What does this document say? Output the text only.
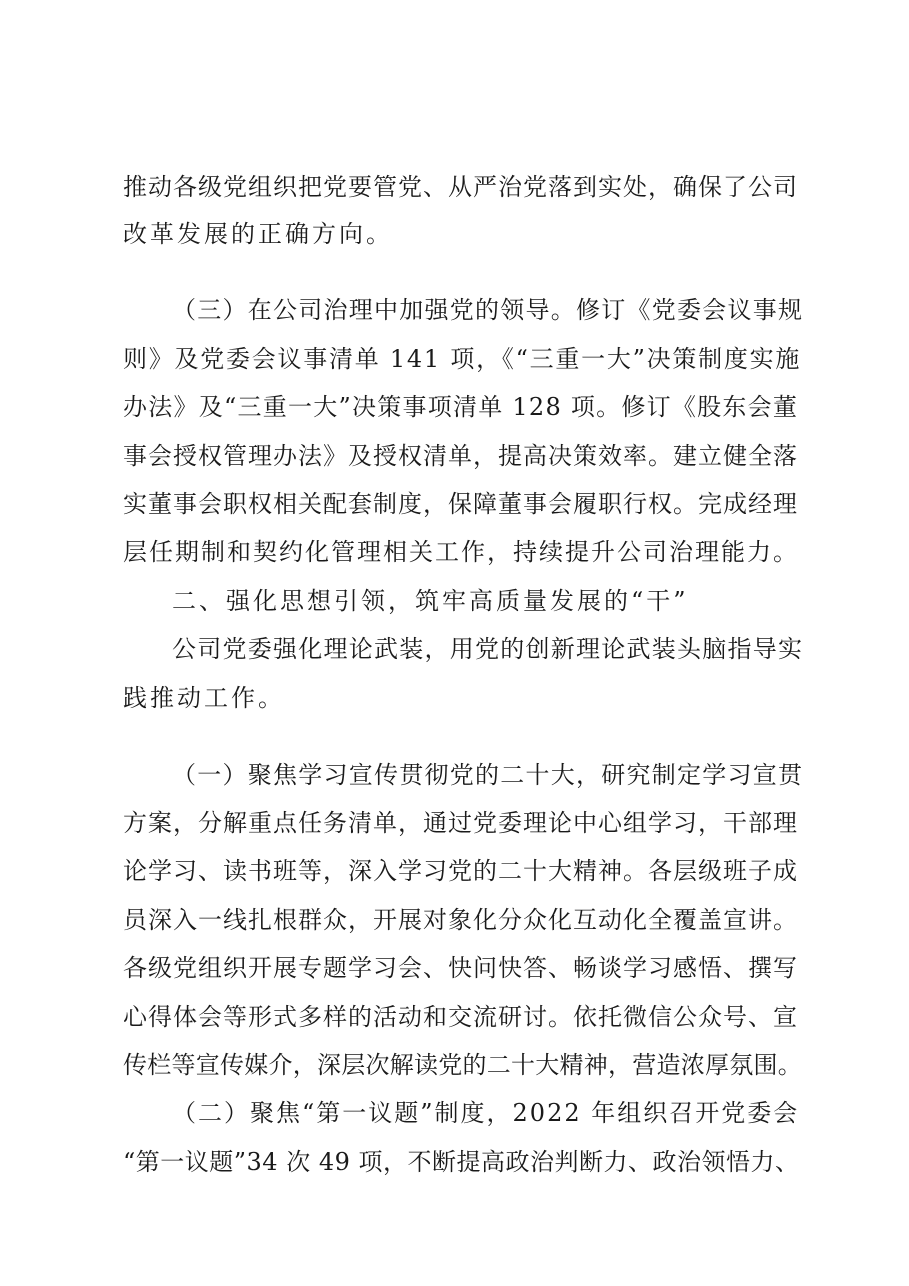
推动各级党组织把党要管党、从严治党落到实处，确保了公司
改革发展的正确方向。
（三）在公司治理中加强党的领导。修订《党委会议事规
则》及党委会议事清单 141 项，《“三重一大”决策制度实施
办法》及“三重一大”决策事项清单 128 项。修订《股东会董
事会授权管理办法》及授权清单，提高决策效率。建立健全落
实董事会职权相关配套制度，保障董事会履职行权。完成经理
层任期制和契约化管理相关工作，持续提升公司治理能力。
二、强化思想引领，筑牢高质量发展的“干”
公司党委强化理论武装，用党的创新理论武装头脑指导实
践推动工作。
（一）聚焦学习宣传贯彻党的二十大，研究制定学习宣贯
方案，分解重点任务清单，通过党委理论中心组学习，干部理
论学习、读书班等，深入学习党的二十大精神。各层级班子成
员深入一线扎根群众，开展对象化分众化互动化全覆盖宣讲。
各级党组织开展专题学习会、快问快答、畅谈学习感悟、撰写
心得体会等形式多样的活动和交流研讨。依托微信公众号、宣
传栏等宣传媒介，深层次解读党的二十大精神，营造浓厚氛围。
（二）聚焦“第一议题”制度，2022 年组织召开党委会
“第一议题”34 次 49 项，不断提高政治判断力、政治领悟力、
